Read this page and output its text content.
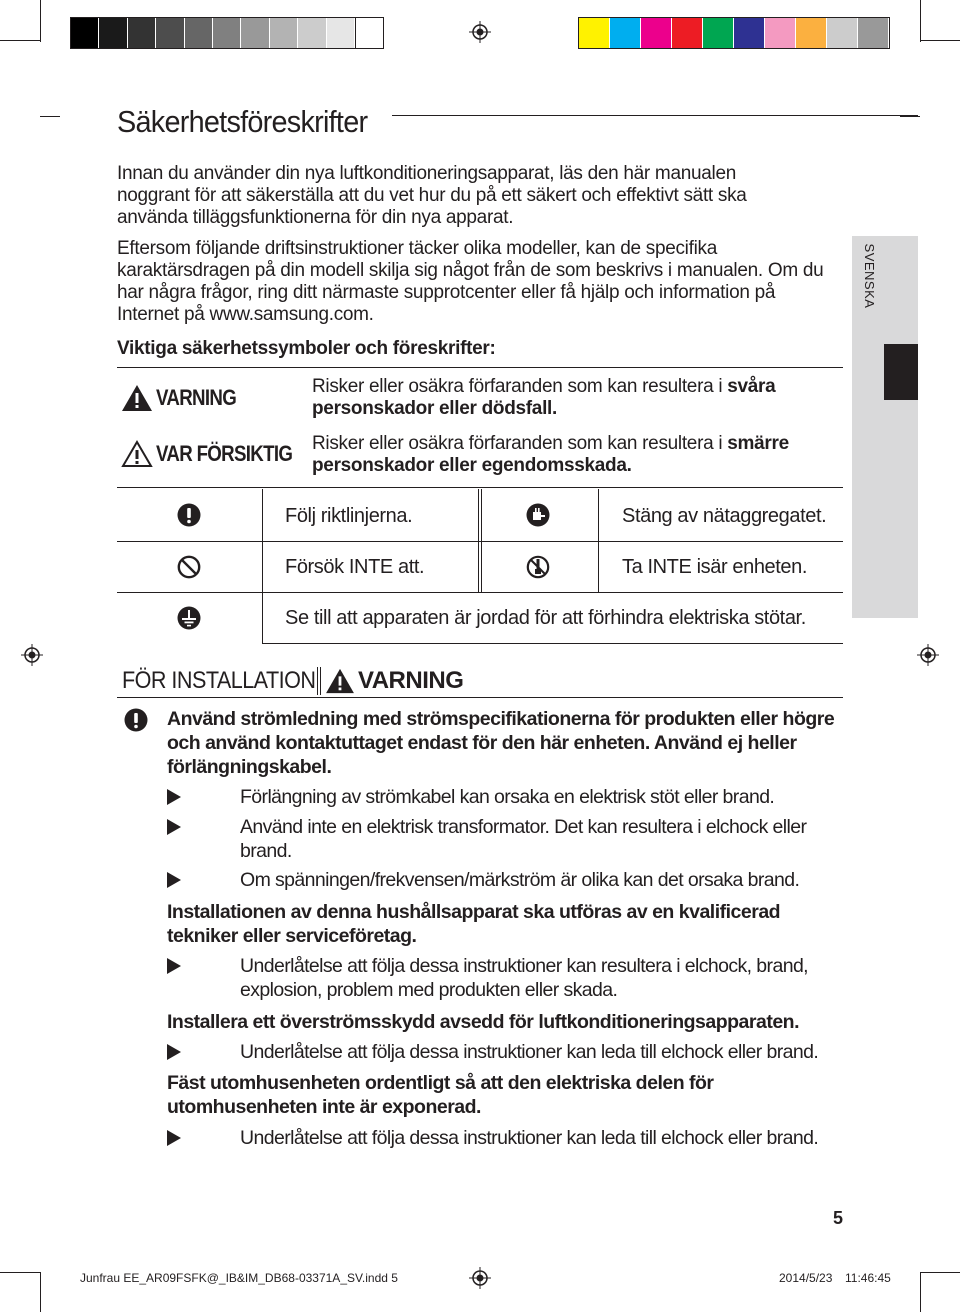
Säkerhetsföreskrifter
SVENSKA
Innan du använder din nya luftkonditioneringsapparat, läs den här manualen noggrant för att säkerställa att du vet hur du på ett säkert och effektivt sätt ska använda tilläggsfunktionerna för din nya apparat.
Eftersom följande driftsinstruktioner täcker olika modeller, kan de specifika karaktärsdragen på din modell skilja sig något från de som beskrivs i manualen. Om du har några frågor, ring ditt närmaste supprotcenter eller få hjälp och information på Internet på www.samsung.com.
Viktiga säkerhetssymboler och föreskrifter:
VARNING	Risker eller osäkra förfaranden som kan resultera i svåra personskador eller dödsfall.
VAR FÖRSIKTIG Risker eller osäkra förfaranden som kan resultera i smärre personskador eller egendomsskada.
Följ riktlinjerna.	Stäng av nätaggregatet.
Försök INTE att.	Ta INTE isär enheten.
Se till att apparaten är jordad för att förhindra elektriska stötar.
FÖR INSTALLATION VARNING
Använd strömledning med strömspecifikationerna för produkten eller högre och använd kontaktuttaget endast för den här enheten. Använd ej heller förlängningskabel.
Förlängning av strömkabel kan orsaka en elektrisk stöt eller brand.
Använd inte en elektrisk transformator. Det kan resultera i elchock eller brand.
Om spänningen/frekvensen/märkström är olika kan det orsaka brand.
Installationen av denna hushållsapparat ska utföras av en kvalificerad tekniker eller serviceföretag.
Underlåtelse att följa dessa instruktioner kan resultera i elchock, brand, explosion, problem med produkten eller skada.
Installera ett överströmsskydd avsedd för luftkonditioneringsapparaten.
Underlåtelse att följa dessa instruktioner kan leda till elchock eller brand.
Fäst utomhusenheten ordentligt så att den elektriska delen för utomhusenheten inte är exponerad.
Underlåtelse att följa dessa instruktioner kan leda till elchock eller brand.
5
Junfrau EE_AR09FSFK@_IB&IM_DB68-03371A_SV.indd 5	2014/5/23 11:46:45
